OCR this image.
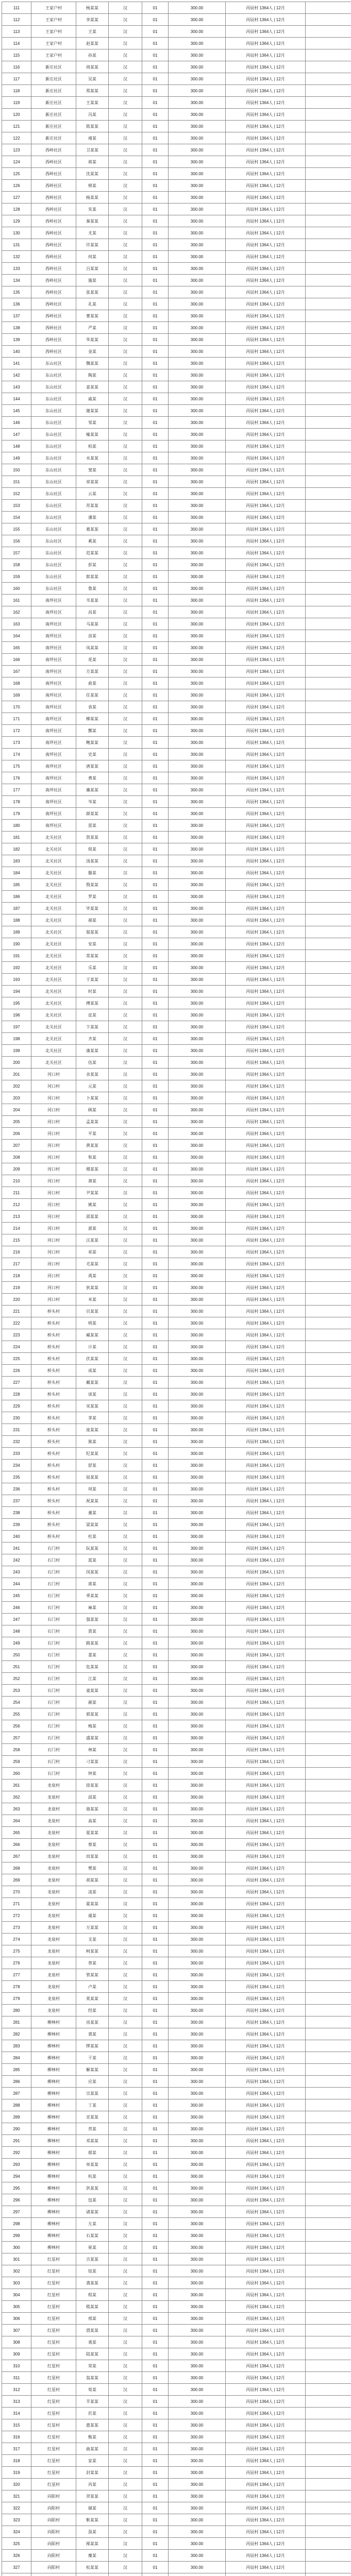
111	王家户村	杨某某	汉	01	300.00	丙辰村 1364人 | 12月	
112	王家户村	李某某	汉	01	300.00	丙辰村 1364人 | 12月	
113	王家户村	王某	汉	01	300.00	丙辰村 1364人 | 12月	
114	王家户村	赵某某	汉	01	300.00	丙辰村 1364人 | 12月	
115	王家户村	孙某	汉	01	300.00	丙辰村 1364人 | 12月	
116	新庄社区	周某某	汉	01	300.00	丙辰村 1364人 | 12月	
117	新庄社区	吴某	汉	01	300.00	丙辰村 1364人 | 12月	
118	新庄社区	郑某某	汉	01	300.00	丙辰村 1364人 | 12月	
119	新庄社区	王某某	汉	01	300.00	丙辰村 1364人 | 12月	
120	新庄社区	冯某	汉	01	300.00	丙辰村 1364人 | 12月	
121	新庄社区	陈某某	汉	01	300.00	丙辰村 1364人 | 12月	
122	新庄社区	褚某	汉	01	300.00	丙辰村 1364人 | 12月	
123	西岭社区	卫某某	汉	01	300.00	丙辰村 1364人 | 12月	
124	西岭社区	蒋某	汉	01	300.00	丙辰村 1364人 | 12月	
125	西岭社区	沈某某	汉	01	300.00	丙辰村 1364人 | 12月	
126	西岭社区	韩某	汉	01	300.00	丙辰村 1364人 | 12月	
127	西岭社区	杨某某	汉	01	300.00	丙辰村 1364人 | 12月	
128	西岭社区	朱某	汉	01	300.00	丙辰村 1364人 | 12月	
129	西岭社区	秦某某	汉	01	300.00	丙辰村 1364人 | 12月	
130	西岭社区	尤某	汉	01	300.00	丙辰村 1364人 | 12月	
131	西岭社区	许某某	汉	01	300.00	丙辰村 1364人 | 12月	
132	西岭社区	何某	汉	01	300.00	丙辰村 1364人 | 12月	
133	西岭社区	吕某某	汉	01	300.00	丙辰村 1364人 | 12月	
134	西岭社区	施某	汉	01	300.00	丙辰村 1364人 | 12月	
135	西岭社区	张某某	汉	01	300.00	丙辰村 1364人 | 12月	
136	西岭社区	孔某	汉	01	300.00	丙辰村 1364人 | 12月	
137	西岭社区	曹某某	汉	01	300.00	丙辰村 1364人 | 12月	
138	西岭社区	严某	汉	01	300.00	丙辰村 1364人 | 12月	
139	西岭社区	华某某	汉	01	300.00	丙辰村 1364人 | 12月	
140	西岭社区	金某	汉	01	300.00	丙辰村 1364人 | 12月	
141	东山社区	魏某某	汉	01	300.00	丙辰村 1364人 | 12月	
142	东山社区	陶某	汉	01	300.00	丙辰村 1364人 | 12月	
143	东山社区	姜某某	汉	01	300.00	丙辰村 1364人 | 12月	
144	东山社区	戚某	汉	01	300.00	丙辰村 1364人 | 12月	
145	东山社区	谢某某	汉	01	300.00	丙辰村 1364人 | 12月	
146	东山社区	邹某	汉	01	300.00	丙辰村 1364人 | 12月	
147	东山社区	喻某某	汉	01	300.00	丙辰村 1364人 | 12月	
148	东山社区	柏某	汉	01	300.00	丙辰村 1364人 | 12月	
149	东山社区	水某某	汉	01	300.00	丙辰村 1364人 | 12月	
150	东山社区	窦某	汉	01	300.00	丙辰村 1364人 | 12月	
151	东山社区	章某某	汉	01	300.00	丙辰村 1364人 | 12月	
152	东山社区	云某	汉	01	300.00	丙辰村 1364人 | 12月	
153	东山社区	苏某某	汉	01	300.00	丙辰村 1364人 | 12月	
154	东山社区	潘某	汉	01	300.00	丙辰村 1364人 | 12月	
155	东山社区	葛某某	汉	01	300.00	丙辰村 1364人 | 12月	
156	东山社区	奚某	汉	01	300.00	丙辰村 1364人 | 12月	
157	东山社区	范某某	汉	01	300.00	丙辰村 1364人 | 12月	
158	东山社区	彭某	汉	01	300.00	丙辰村 1364人 | 12月	
159	东山社区	郎某某	汉	01	300.00	丙辰村 1364人 | 12月	
160	东山社区	鲁某	汉	01	300.00	丙辰村 1364人 | 12月	
161	南坪社区	韦某某	汉	01	300.00	丙辰村 1364人 | 12月	
162	南坪社区	昌某	汉	01	300.00	丙辰村 1364人 | 12月	
163	南坪社区	马某某	汉	01	300.00	丙辰村 1364人 | 12月	
164	南坪社区	苗某	汉	01	300.00	丙辰村 1364人 | 12月	
165	南坪社区	凤某某	汉	01	300.00	丙辰村 1364人 | 12月	
166	南坪社区	花某	汉	01	300.00	丙辰村 1364人 | 12月	
167	南坪社区	方某某	汉	01	300.00	丙辰村 1364人 | 12月	
168	南坪社区	俞某	汉	01	300.00	丙辰村 1364人 | 12月	
169	南坪社区	任某某	汉	01	300.00	丙辰村 1364人 | 12月	
170	南坪社区	袁某	汉	01	300.00	丙辰村 1364人 | 12月	
171	南坪社区	柳某某	汉	01	300.00	丙辰村 1364人 | 12月	
172	南坪社区	酆某	汉	01	300.00	丙辰村 1364人 | 12月	
173	南坪社区	鲍某某	汉	01	300.00	丙辰村 1364人 | 12月	
174	南坪社区	史某	汉	01	300.00	丙辰村 1364人 | 12月	
175	南坪社区	唐某某	汉	01	300.00	丙辰村 1364人 | 12月	
176	南坪社区	费某	汉	01	300.00	丙辰村 1364人 | 12月	
177	南坪社区	廉某某	汉	01	300.00	丙辰村 1364人 | 12月	
178	南坪社区	岑某	汉	01	300.00	丙辰村 1364人 | 12月	
179	南坪社区	薛某某	汉	01	300.00	丙辰村 1364人 | 12月	
180	南坪社区	雷某	汉	01	300.00	丙辰村 1364人 | 12月	
181	北关社区	贺某某	汉	01	300.00	丙辰村 1364人 | 12月	
182	北关社区	倪某	汉	01	300.00	丙辰村 1364人 | 12月	
183	北关社区	汤某某	汉	01	300.00	丙辰村 1364人 | 12月	
184	北关社区	滕某	汉	01	300.00	丙辰村 1364人 | 12月	
185	北关社区	殷某某	汉	01	300.00	丙辰村 1364人 | 12月	
186	北关社区	罗某	汉	01	300.00	丙辰村 1364人 | 12月	
187	北关社区	毕某某	汉	01	300.00	丙辰村 1364人 | 12月	
188	北关社区	郝某	汉	01	300.00	丙辰村 1364人 | 12月	
189	北关社区	邬某某	汉	01	300.00	丙辰村 1364人 | 12月	
190	北关社区	安某	汉	01	300.00	丙辰村 1364人 | 12月	
191	北关社区	常某某	汉	01	300.00	丙辰村 1364人 | 12月	
192	北关社区	乐某	汉	01	300.00	丙辰村 1364人 | 12月	
193	北关社区	于某某	汉	01	300.00	丙辰村 1364人 | 12月	
194	北关社区	时某	汉	01	300.00	丙辰村 1364人 | 12月	
195	北关社区	傅某某	汉	01	300.00	丙辰村 1364人 | 12月	
196	北关社区	皮某	汉	01	300.00	丙辰村 1364人 | 12月	
197	北关社区	卞某某	汉	01	300.00	丙辰村 1364人 | 12月	
198	北关社区	齐某	汉	01	300.00	丙辰村 1364人 | 12月	
199	北关社区	康某某	汉	01	300.00	丙辰村 1364人 | 12月	
200	北关社区	伍某	汉	01	300.00	丙辰村 1364人 | 12月	
201	河口村	余某某	汉	01	300.00	丙辰村 1364人 | 12月	
202	河口村	元某	汉	01	300.00	丙辰村 1364人 | 12月	
203	河口村	卜某某	汉	01	300.00	丙辰村 1364人 | 12月	
204	河口村	顾某	汉	01	300.00	丙辰村 1364人 | 12月	
205	河口村	孟某某	汉	01	300.00	丙辰村 1364人 | 12月	
206	河口村	平某	汉	01	300.00	丙辰村 1364人 | 12月	
207	河口村	黄某某	汉	01	300.00	丙辰村 1364人 | 12月	
208	河口村	和某	汉	01	300.00	丙辰村 1364人 | 12月	
209	河口村	穆某某	汉	01	300.00	丙辰村 1364人 | 12月	
210	河口村	萧某	汉	01	300.00	丙辰村 1364人 | 12月	
211	河口村	尹某某	汉	01	300.00	丙辰村 1364人 | 12月	
212	河口村	姚某	汉	01	300.00	丙辰村 1364人 | 12月	
213	河口村	邵某某	汉	01	300.00	丙辰村 1364人 | 12月	
214	河口村	湛某	汉	01	300.00	丙辰村 1364人 | 12月	
215	河口村	汪某某	汉	01	300.00	丙辰村 1364人 | 12月	
216	河口村	祁某	汉	01	300.00	丙辰村 1364人 | 12月	
217	河口村	毛某某	汉	01	300.00	丙辰村 1364人 | 12月	
218	河口村	禹某	汉	01	300.00	丙辰村 1364人 | 12月	
219	河口村	狄某某	汉	01	300.00	丙辰村 1364人 | 12月	
220	河口村	米某	汉	01	300.00	丙辰村 1364人 | 12月	
221	桥头村	贝某某	汉	01	300.00	丙辰村 1364人 | 12月	
222	桥头村	明某	汉	01	300.00	丙辰村 1364人 | 12月	
223	桥头村	臧某某	汉	01	300.00	丙辰村 1364人 | 12月	
224	桥头村	计某	汉	01	300.00	丙辰村 1364人 | 12月	
225	桥头村	伏某某	汉	01	300.00	丙辰村 1364人 | 12月	
226	桥头村	成某	汉	01	300.00	丙辰村 1364人 | 12月	
227	桥头村	戴某某	汉	01	300.00	丙辰村 1364人 | 12月	
228	桥头村	谈某	汉	01	300.00	丙辰村 1364人 | 12月	
229	桥头村	宋某某	汉	01	300.00	丙辰村 1364人 | 12月	
230	桥头村	茅某	汉	01	300.00	丙辰村 1364人 | 12月	
231	桥头村	庞某某	汉	01	300.00	丙辰村 1364人 | 12月	
232	桥头村	熊某	汉	01	300.00	丙辰村 1364人 | 12月	
233	桥头村	纪某某	汉	01	300.00	丙辰村 1364人 | 12月	
234	桥头村	舒某	汉	01	300.00	丙辰村 1364人 | 12月	
235	桥头村	屈某某	汉	01	300.00	丙辰村 1364人 | 12月	
236	桥头村	项某	汉	01	300.00	丙辰村 1364人 | 12月	
237	桥头村	祝某某	汉	01	300.00	丙辰村 1364人 | 12月	
238	桥头村	董某	汉	01	300.00	丙辰村 1364人 | 12月	
239	桥头村	梁某某	汉	01	300.00	丙辰村 1364人 | 12月	
240	桥头村	杜某	汉	01	300.00	丙辰村 1364人 | 12月	
241	石门村	阮某某	汉	01	300.00	丙辰村 1364人 | 12月	
242	石门村	蓝某	汉	01	300.00	丙辰村 1364人 | 12月	
243	石门村	闵某某	汉	01	300.00	丙辰村 1364人 | 12月	
244	石门村	席某	汉	01	300.00	丙辰村 1364人 | 12月	
245	石门村	季某某	汉	01	300.00	丙辰村 1364人 | 12月	
246	石门村	麻某	汉	01	300.00	丙辰村 1364人 | 12月	
247	石门村	强某某	汉	01	300.00	丙辰村 1364人 | 12月	
248	石门村	贾某	汉	01	300.00	丙辰村 1364人 | 12月	
249	石门村	路某某	汉	01	300.00	丙辰村 1364人 | 12月	
250	石门村	娄某	汉	01	300.00	丙辰村 1364人 | 12月	
251	石门村	危某某	汉	01	300.00	丙辰村 1364人 | 12月	
252	石门村	江某	汉	01	300.00	丙辰村 1364人 | 12月	
253	石门村	童某某	汉	01	300.00	丙辰村 1364人 | 12月	
254	石门村	颜某	汉	01	300.00	丙辰村 1364人 | 12月	
255	石门村	郭某某	汉	01	300.00	丙辰村 1364人 | 12月	
256	石门村	梅某	汉	01	300.00	丙辰村 1364人 | 12月	
257	石门村	盛某某	汉	01	300.00	丙辰村 1364人 | 12月	
258	石门村	林某	汉	01	300.00	丙辰村 1364人 | 12月	
259	石门村	刁某某	汉	01	300.00	丙辰村 1364人 | 12月	
260	石门村	钟某	汉	01	300.00	丙辰村 1364人 | 12月	
261	龙泉村	徐某某	汉	01	300.00	丙辰村 1364人 | 12月	
262	龙泉村	邱某	汉	01	300.00	丙辰村 1364人 | 12月	
263	龙泉村	骆某某	汉	01	300.00	丙辰村 1364人 | 12月	
264	龙泉村	高某	汉	01	300.00	丙辰村 1364人 | 12月	
265	龙泉村	夏某某	汉	01	300.00	丙辰村 1364人 | 12月	
266	龙泉村	蔡某	汉	01	300.00	丙辰村 1364人 | 12月	
267	龙泉村	田某某	汉	01	300.00	丙辰村 1364人 | 12月	
268	龙泉村	樊某	汉	01	300.00	丙辰村 1364人 | 12月	
269	龙泉村	胡某某	汉	01	300.00	丙辰村 1364人 | 12月	
270	龙泉村	凌某	汉	01	300.00	丙辰村 1364人 | 12月	
271	龙泉村	霍某某	汉	01	300.00	丙辰村 1364人 | 12月	
272	龙泉村	虞某	汉	01	300.00	丙辰村 1364人 | 12月	
273	龙泉村	万某某	汉	01	300.00	丙辰村 1364人 | 12月	
274	龙泉村	支某	汉	01	300.00	丙辰村 1364人 | 12月	
275	龙泉村	柯某某	汉	01	300.00	丙辰村 1364人 | 12月	
276	龙泉村	昝某	汉	01	300.00	丙辰村 1364人 | 12月	
277	龙泉村	管某某	汉	01	300.00	丙辰村 1364人 | 12月	
278	龙泉村	卢某	汉	01	300.00	丙辰村 1364人 | 12月	
279	龙泉村	莫某某	汉	01	300.00	丙辰村 1364人 | 12月	
280	龙泉村	经某	汉	01	300.00	丙辰村 1364人 | 12月	
281	柳林村	房某某	汉	01	300.00	丙辰村 1364人 | 12月	
282	柳林村	裘某	汉	01	300.00	丙辰村 1364人 | 12月	
283	柳林村	缪某某	汉	01	300.00	丙辰村 1364人 | 12月	
284	柳林村	干某	汉	01	300.00	丙辰村 1364人 | 12月	
285	柳林村	解某某	汉	01	300.00	丙辰村 1364人 | 12月	
286	柳林村	应某	汉	01	300.00	丙辰村 1364人 | 12月	
287	柳林村	宗某某	汉	01	300.00	丙辰村 1364人 | 12月	
288	柳林村	丁某	汉	01	300.00	丙辰村 1364人 | 12月	
289	柳林村	宣某某	汉	01	300.00	丙辰村 1364人 | 12月	
290	柳林村	贲某	汉	01	300.00	丙辰村 1364人 | 12月	
291	柳林村	邓某某	汉	01	300.00	丙辰村 1364人 | 12月	
292	柳林村	郁某	汉	01	300.00	丙辰村 1364人 | 12月	
293	柳林村	单某某	汉	01	300.00	丙辰村 1364人 | 12月	
294	柳林村	杭某	汉	01	300.00	丙辰村 1364人 | 12月	
295	柳林村	洪某某	汉	01	300.00	丙辰村 1364人 | 12月	
296	柳林村	包某	汉	01	300.00	丙辰村 1364人 | 12月	
297	柳林村	诸某某	汉	01	300.00	丙辰村 1364人 | 12月	
298	柳林村	左某	汉	01	300.00	丙辰村 1364人 | 12月	
299	柳林村	石某某	汉	01	300.00	丙辰村 1364人 | 12月	
300	柳林村	崔某	汉	01	300.00	丙辰村 1364人 | 12月	
301	红星村	吉某某	汉	01	300.00	丙辰村 1364人 | 12月	
302	红星村	钮某	汉	01	300.00	丙辰村 1364人 | 12月	
303	红星村	龚某某	汉	01	300.00	丙辰村 1364人 | 12月	
304	红星村	程某	汉	01	300.00	丙辰村 1364人 | 12月	
305	红星村	嵇某某	汉	01	300.00	丙辰村 1364人 | 12月	
306	红星村	邢某	汉	01	300.00	丙辰村 1364人 | 12月	
307	红星村	滑某某	汉	01	300.00	丙辰村 1364人 | 12月	
308	红星村	裴某	汉	01	300.00	丙辰村 1364人 | 12月	
309	红星村	陆某某	汉	01	300.00	丙辰村 1364人 | 12月	
310	红星村	荣某	汉	01	300.00	丙辰村 1364人 | 12月	
311	红星村	翁某某	汉	01	300.00	丙辰村 1364人 | 12月	
312	红星村	荀某	汉	01	300.00	丙辰村 1364人 | 12月	
313	红星村	羊某某	汉	01	300.00	丙辰村 1364人 | 12月	
314	红星村	於某	汉	01	300.00	丙辰村 1364人 | 12月	
315	红星村	惠某某	汉	01	300.00	丙辰村 1364人 | 12月	
316	红星村	甄某	汉	01	300.00	丙辰村 1364人 | 12月	
317	红星村	曲某某	汉	01	300.00	丙辰村 1364人 | 12月	
318	红星村	家某	汉	01	300.00	丙辰村 1364人 | 12月	
319	红星村	封某某	汉	01	300.00	丙辰村 1364人 | 12月	
320	红星村	芮某	汉	01	300.00	丙辰村 1364人 | 12月	
321	向阳村	羿某某	汉	01	300.00	丙辰村 1364人 | 12月	
322	向阳村	储某	汉	01	300.00	丙辰村 1364人 | 12月	
323	向阳村	靳某某	汉	01	300.00	丙辰村 1364人 | 12月	
324	向阳村	汲某	汉	01	300.00	丙辰村 1364人 | 12月	
325	向阳村	邴某某	汉	01	300.00	丙辰村 1364人 | 12月	
326	向阳村	糜某	汉	01	300.00	丙辰村 1364人 | 12月	
327	向阳村	松某某	汉	01	300.00	丙辰村 1364人 | 12月	
